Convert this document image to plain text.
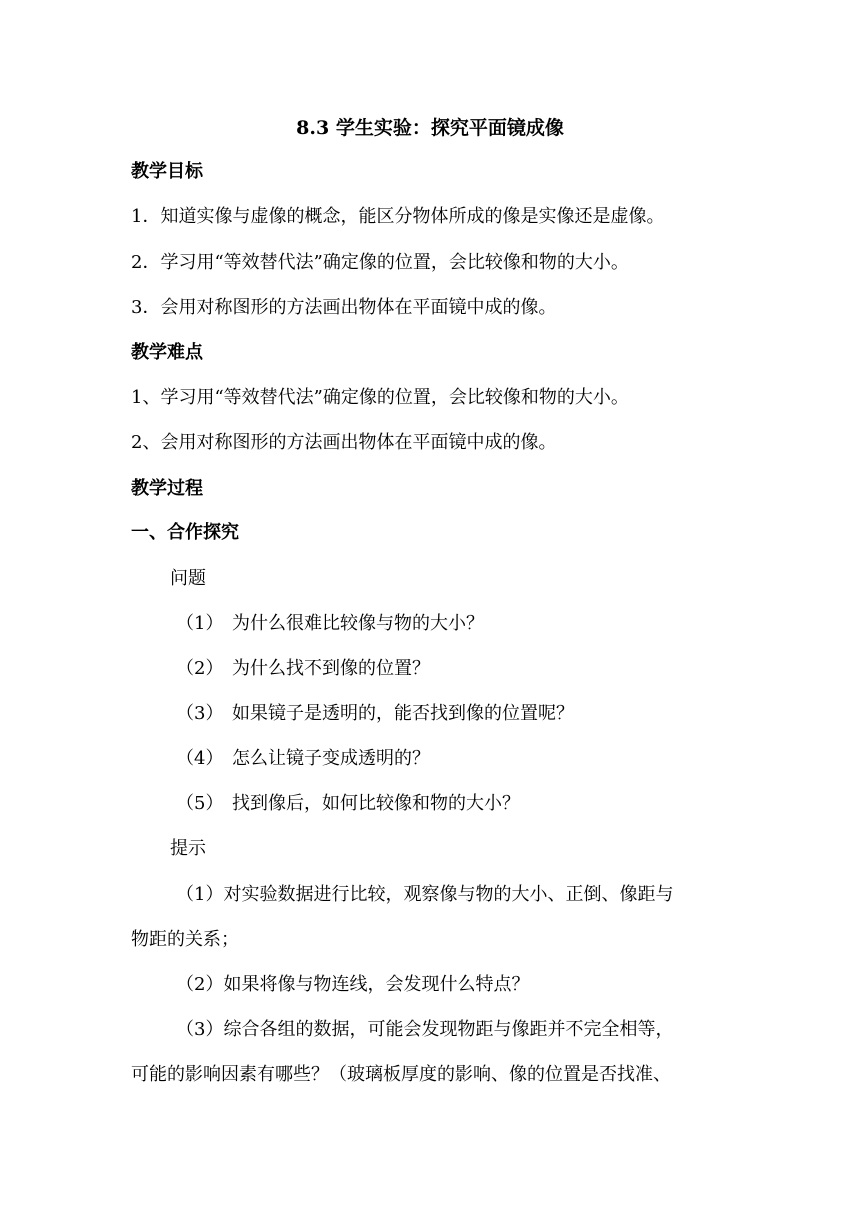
8.3 学生实验：探究平面镜成像
教学目标
1．知道实像与虚像的概念，能区分物体所成的像是实像还是虚像。
2．学习用“等效替代法”确定像的位置，会比较像和物的大小。
3．会用对称图形的方法画出物体在平面镜中成的像。
教学难点
1、学习用“等效替代法”确定像的位置，会比较像和物的大小。
2、会用对称图形的方法画出物体在平面镜中成的像。
教学过程
一、合作探究
问题
（1） 为什么很难比较像与物的大小？
（2） 为什么找不到像的位置？
（3） 如果镜子是透明的，能否找到像的位置呢？
（4） 怎么让镜子变成透明的？
（5） 找到像后，如何比较像和物的大小？
提示
（1）对实验数据进行比较，观察像与物的大小、正倒、像距与
物距的关系；
（2）如果将像与物连线，会发现什么特点？
（3）综合各组的数据，可能会发现物距与像距并不完全相等，
可能的影响因素有哪些？（玻璃板厚度的影响、像的位置是否找准、
